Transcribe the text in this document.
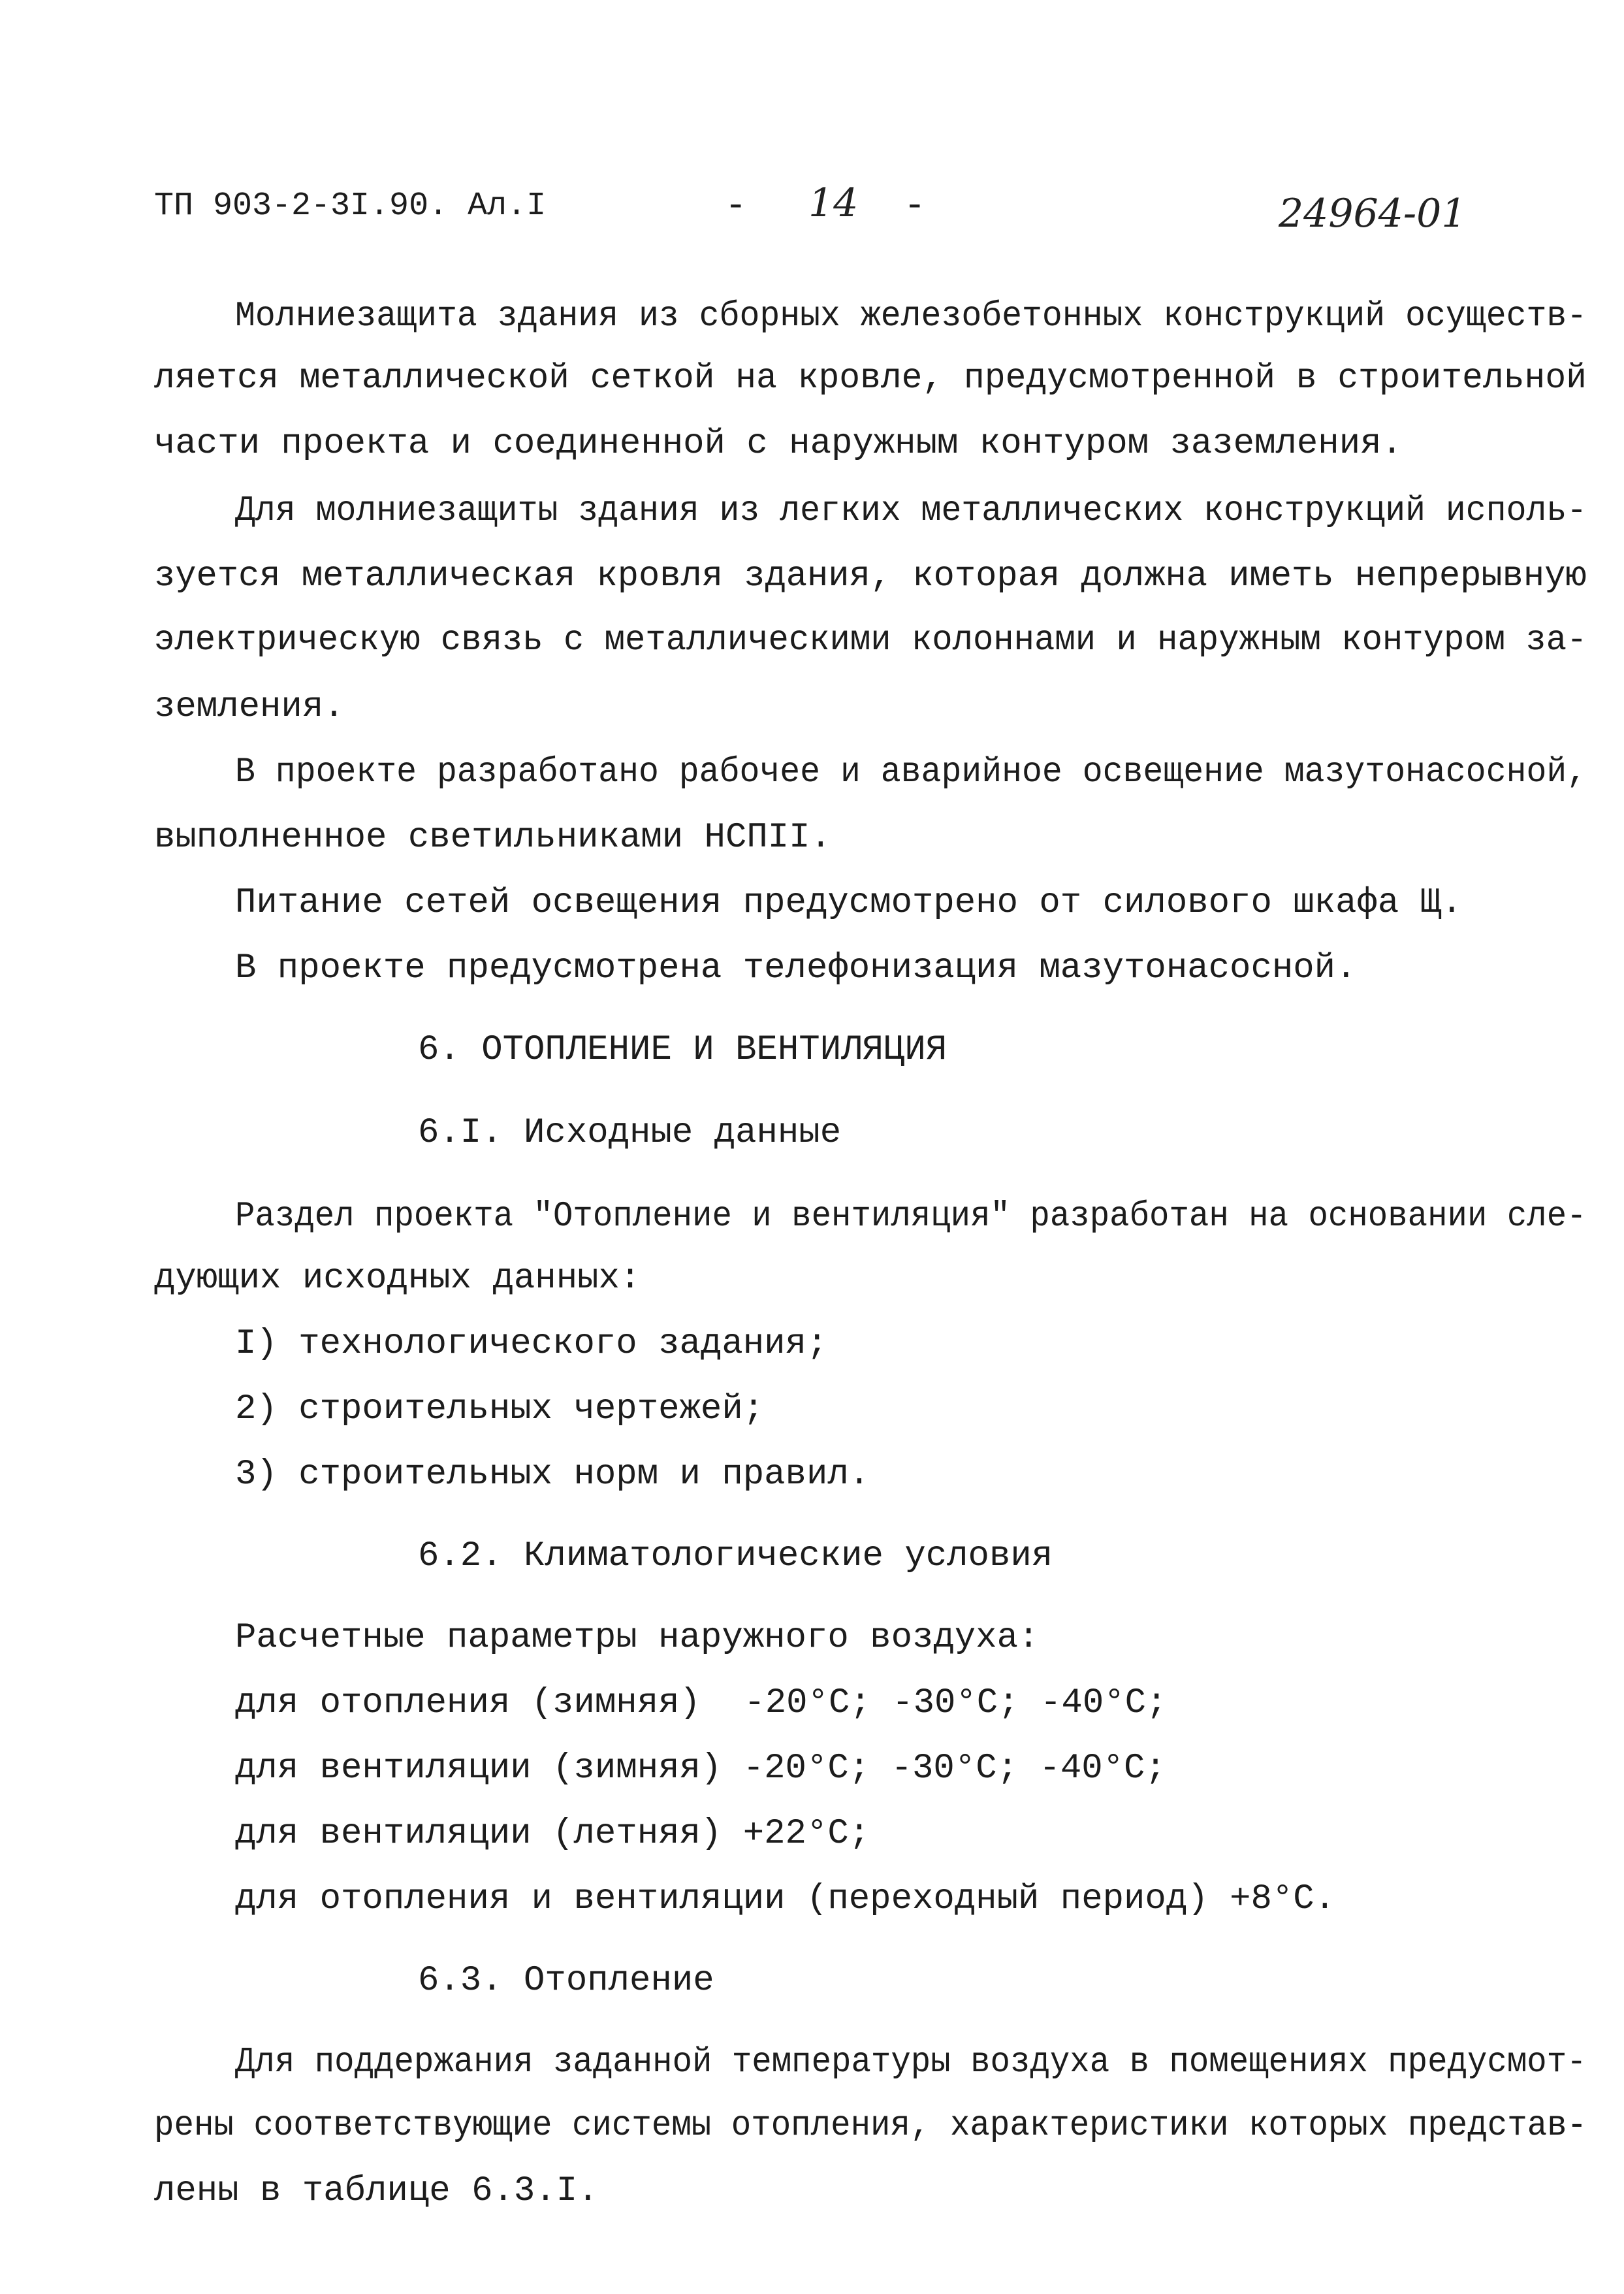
ТП 903-2-3I.90. Ал.I	- 14 -	24964-01
Молниезащита здания из сборных железобетонных конструкций осуществ-
ляется металлической сеткой на кровле, предусмотренной в строительной
части проекта и соединенной с наружным контуром заземления.
Для молниезащиты здания из легких металлических конструкций исполь-
зуется металлическая кровля здания, которая должна иметь непрерывную
электрическую связь с металлическими колоннами и наружным контуром за-
земления.
В проекте разработано рабочее и аварийное освещение мазутонасосной,
выполненное светильниками НСПII.
Питание сетей освещения предусмотрено от силового шкафа Щ.
В проекте предусмотрена телефонизация мазутонасосной.
6. ОТОПЛЕНИЕ И ВЕНТИЛЯЦИЯ
6.I. Исходные данные
Раздел проекта "Отопление и вентиляция" разработан на основании сле-
дующих исходных данных:
I) технологического задания;
2) строительных чертежей;
3) строительных норм и правил.
6.2. Климатологические условия
Расчетные параметры наружного воздуха:
для отопления (зимняя) -20°С; -30°С; -40°С;
для вентиляции (зимняя) -20°С; -30°С; -40°С;
для вентиляции (летняя) +22°С;
для отопления и вентиляции (переходный период) +8°С.
6.3. Отопление
Для поддержания заданной температуры воздуха в помещениях предусмот-
рены соответствующие системы отопления, характеристики которых представ-
лены в таблице 6.3.I.
